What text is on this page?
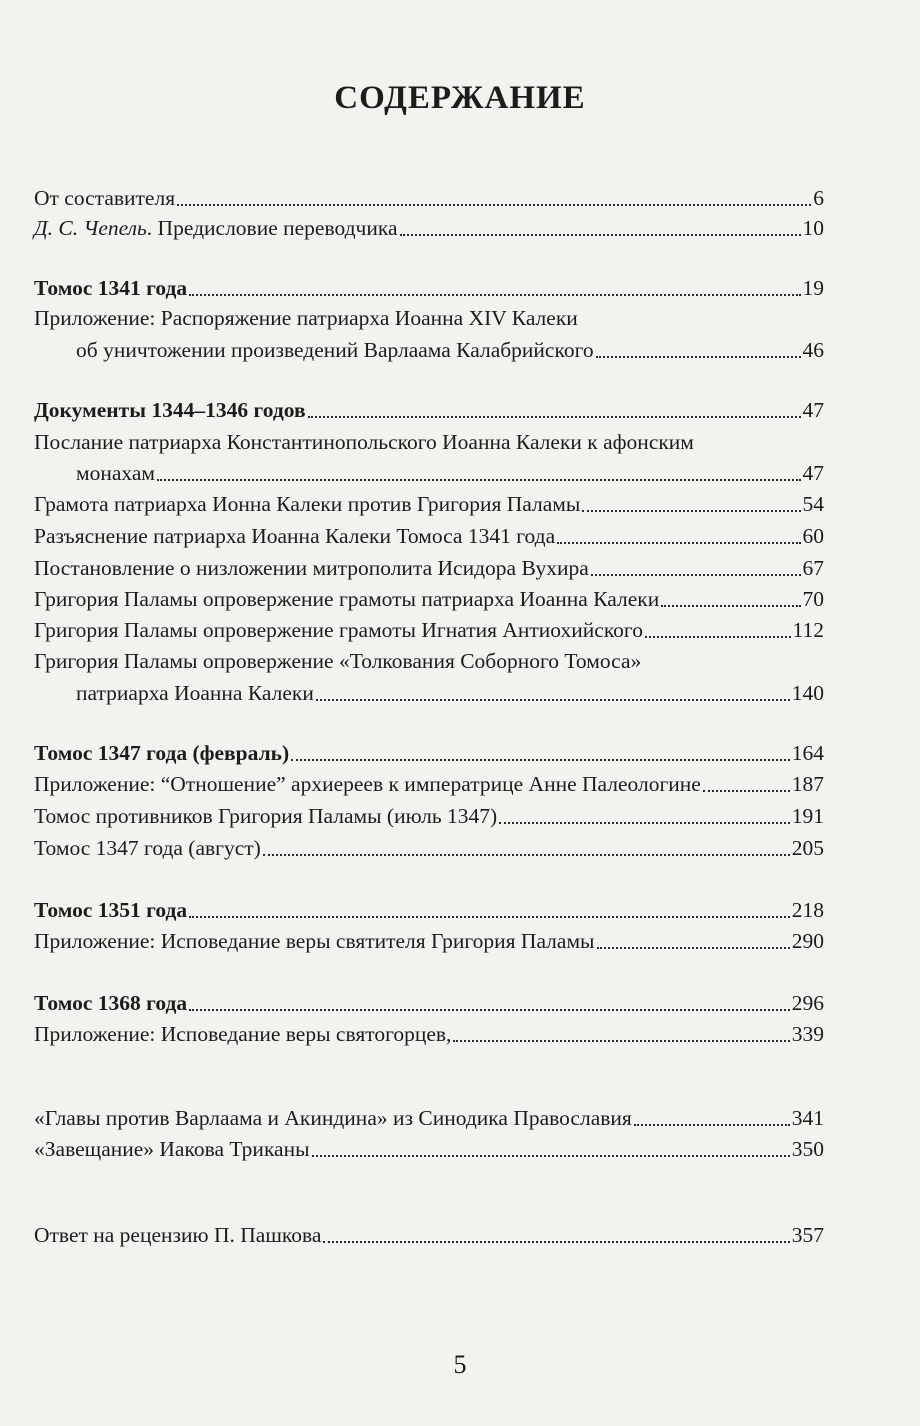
СОДЕРЖАНИЕ
От составителя	6
Д. С. Чепель . Предисловие переводчика	10
Томос 1341 года	19
Приложение: Распоряжение патриарха Иоанна XIV Калеки
об уничтожении произведений Варлаама Калабрийского	46
Документы 1344–1346 годов	47
Послание патриарха Константинопольского Иоанна Калеки к афонским
монахам	47
Грамота патриарха Ионна Калеки против Григория Паламы	54
Разъяснение патриарха Иоанна Калеки Томоса 1341 года	60
Постановление о низложении митрополита Исидора Вухира	67
Григория Паламы опровержение грамоты патриарха Иоанна Калеки	70
Григория Паламы опровержение грамоты Игнатия Антиохийского	112
Григория Паламы опровержение «Толкования Соборного Томоса»
патриарха Иоанна Калеки	140
Томос 1347 года (февраль)	164
Приложение: “Отношение” архиереев к императрице Анне Палеологине	187
Томос противников Григория Паламы (июль 1347)	191
Томос 1347 года (август)	205
Томос 1351 года	218
Приложение: Исповедание веры святителя Григория Паламы	290
Томос 1368 года	296
Приложение: Исповедание веры святогорцев,	339
«Главы против Варлаама и Акиндина» из Синодика Православия	341
«Завещание» Иакова Триканы	350
Ответ на рецензию П. Пашкова	357
5
